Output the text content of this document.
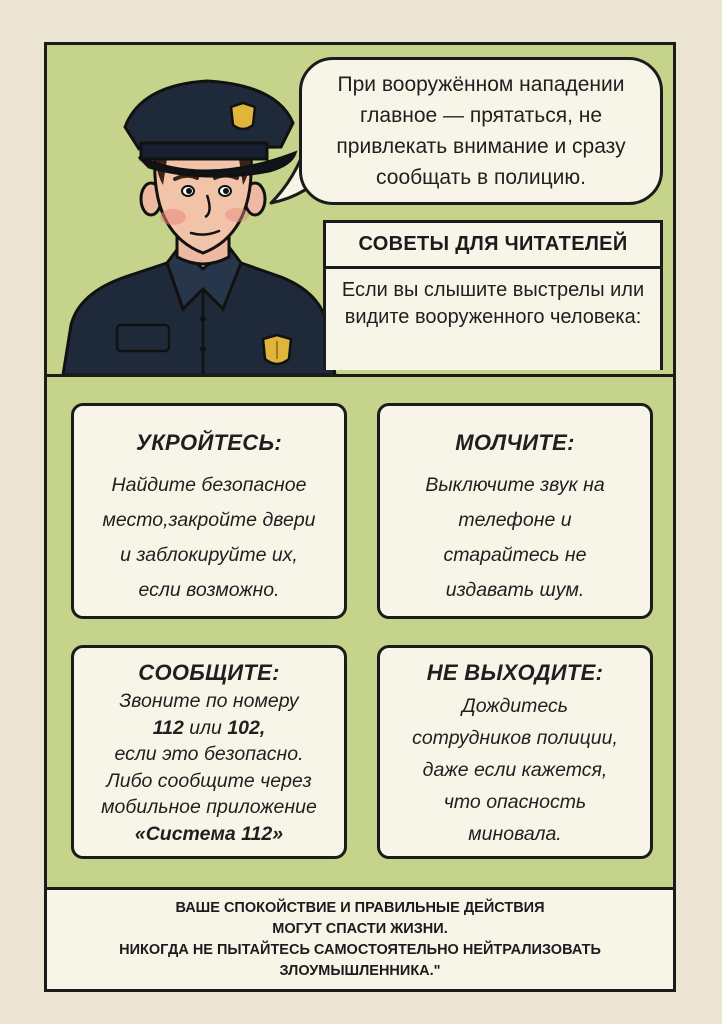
При вооружённом нападении главное — прятаться, не привлекать внимание и сразу сообщать в полицию.
СОВЕТЫ ДЛЯ ЧИТАТЕЛЕЙ
Если вы слышите выстрелы или видите вооруженного человека:
УКРОЙТЕСЬ:
Найдите безопасное
место,закройте двери
и заблокируйте их,
если возможно.
МОЛЧИТЕ:
Выключите звук на
телефоне и
старайтесь не
издавать шум.
СООБЩИТЕ:
Звоните по номеру
112 или 102,
если это безопасно.
Либо сообщите через
мобильное приложение
«Система 112»
НЕ ВЫХОДИТЕ:
Дождитесь
сотрудников полиции,
даже если кажется,
что опасность
миновала.
ВАШЕ СПОКОЙСТВИЕ И ПРАВИЛЬНЫЕ ДЕЙСТВИЯ
МОГУТ СПАСТИ ЖИЗНИ.
НИКОГДА НЕ ПЫТАЙТЕСЬ САМОСТОЯТЕЛЬНО НЕЙТРАЛИЗОВАТЬ
ЗЛОУМЫШЛЕННИКА."
